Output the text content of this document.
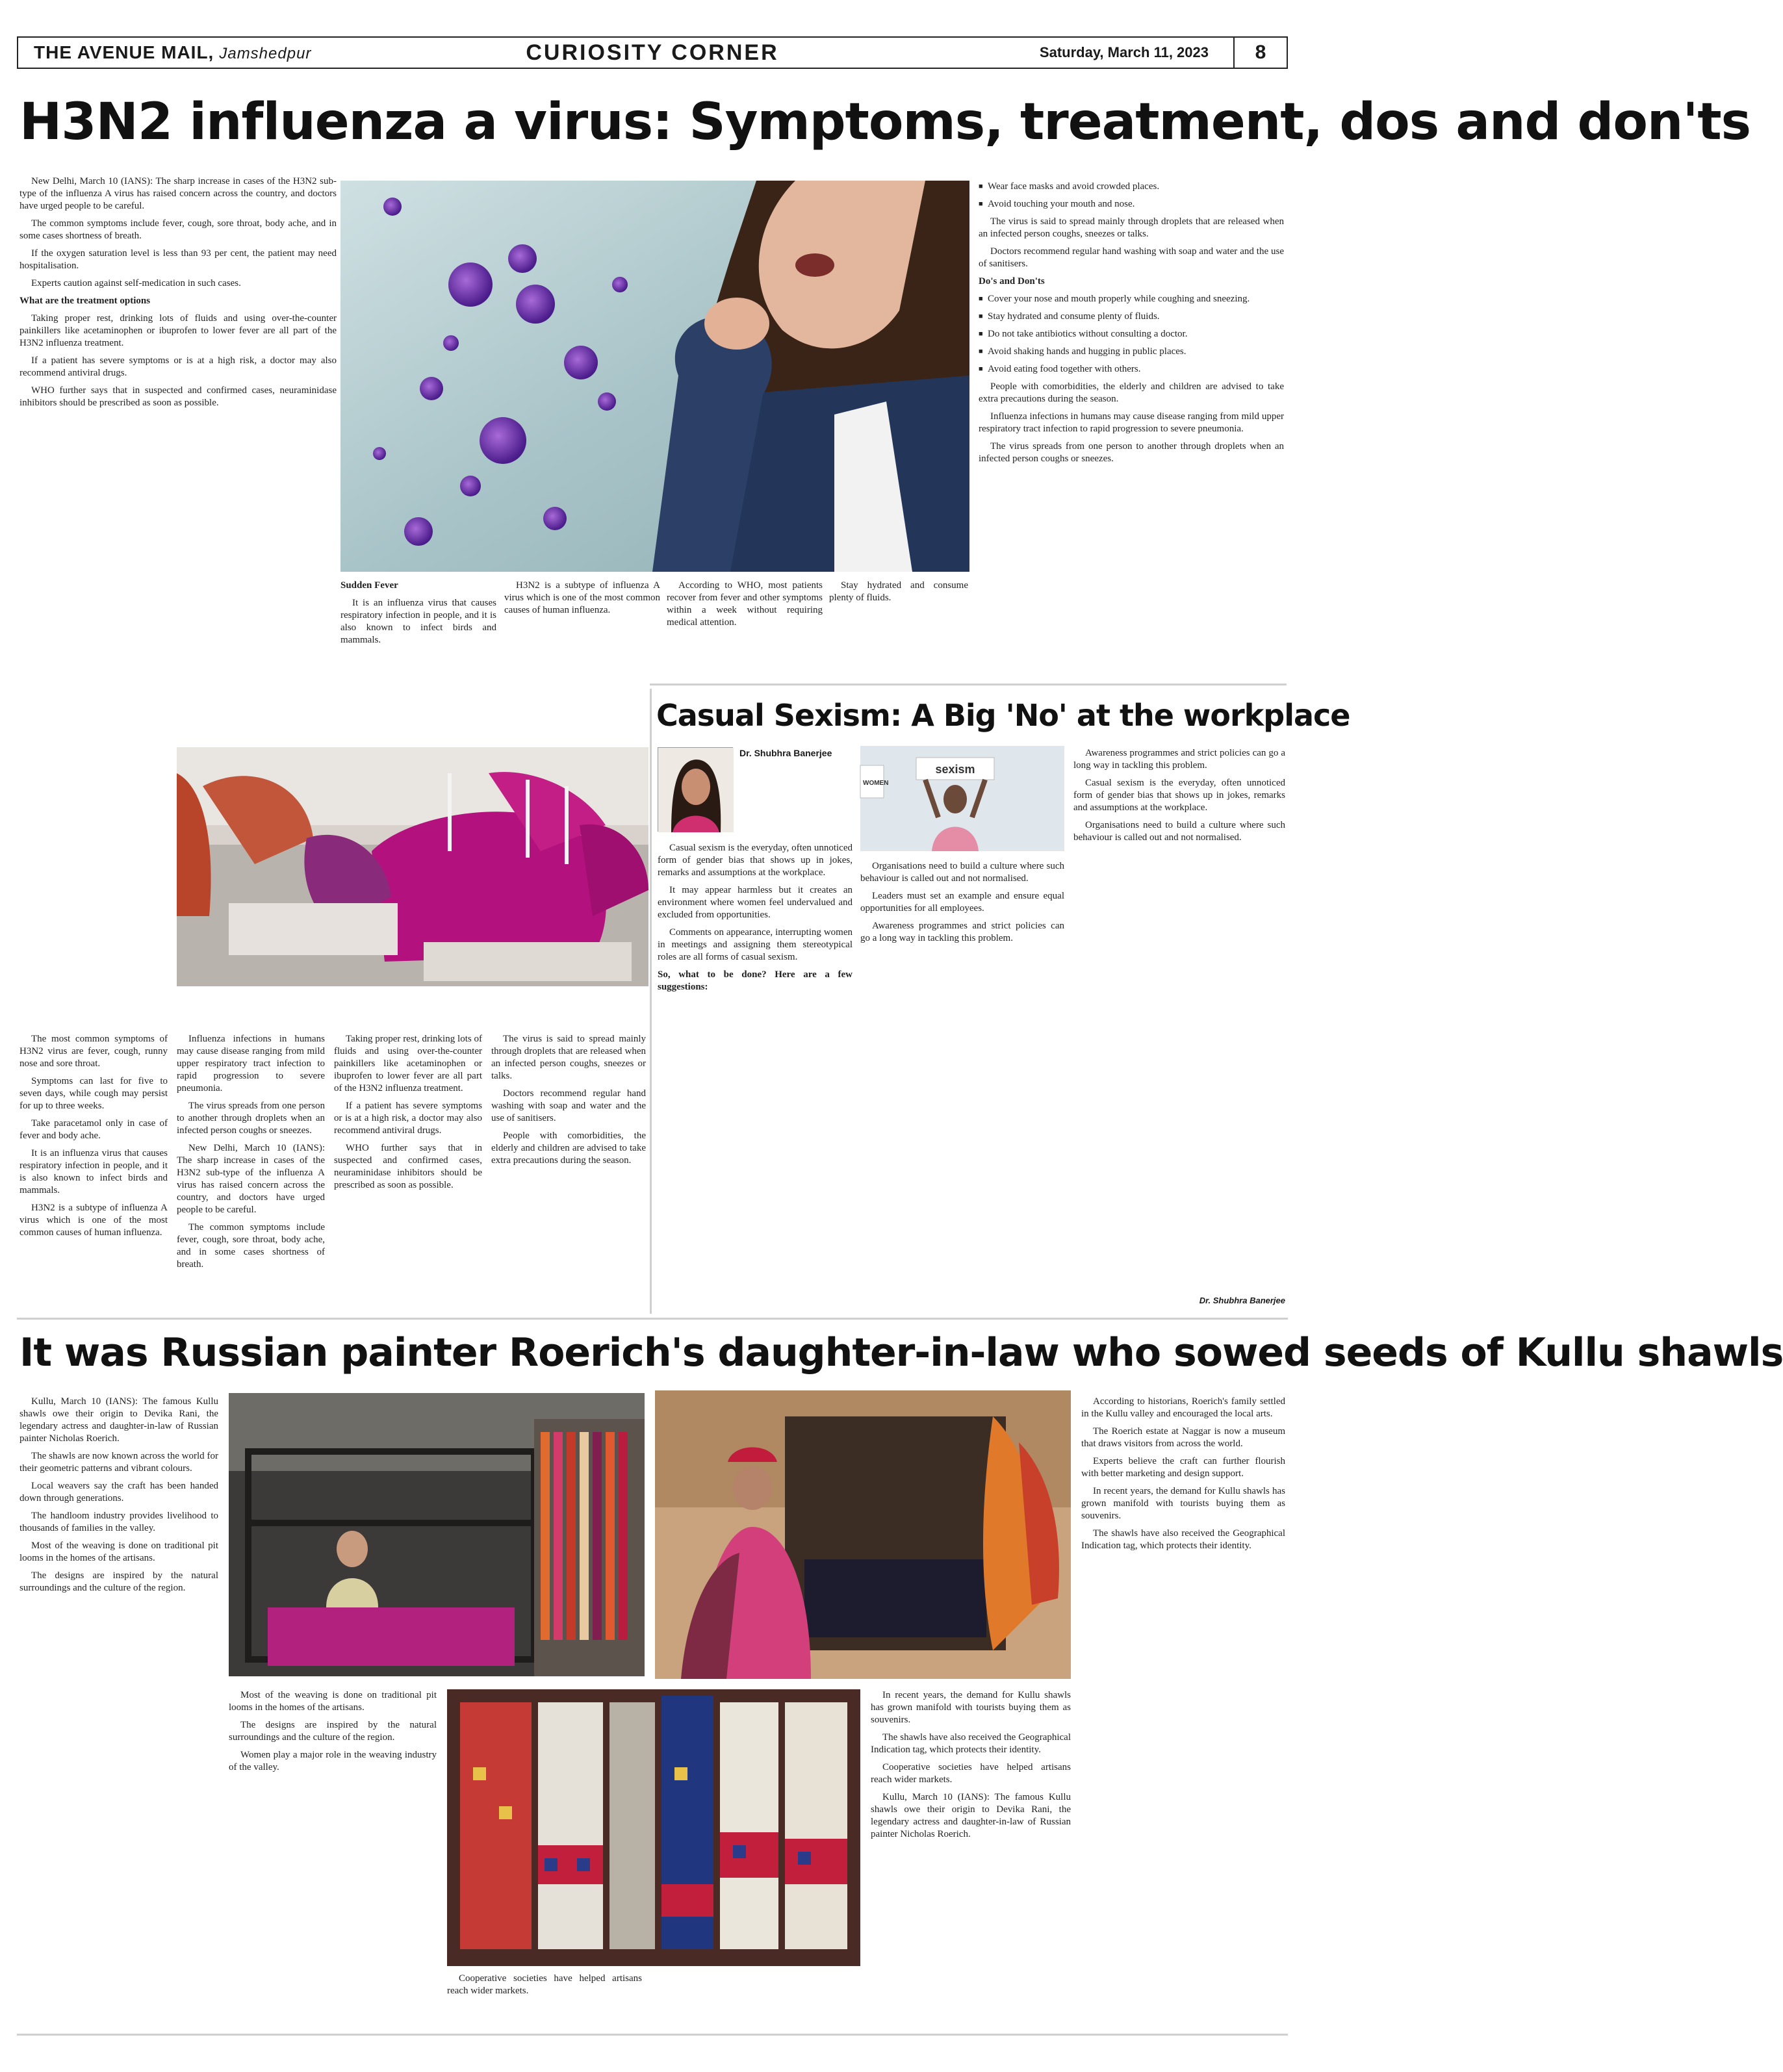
THE AVENUE MAIL, Jamshedpur	CURIOSITY CORNER	Saturday, March 11, 2023	8
H3N2 influenza a virus: Symptoms, treatment, dos and don'ts

New Delhi, March 10 (IANS): The sharp increase in cases of the H3N2 sub-type of the influenza A virus has raised concern across the country, and doctors have urged people to be careful.

The common symptoms include fever, cough, sore throat, body ache, and in some cases shortness of breath.

If the oxygen saturation level is less than 93 per cent, the patient may need hospitalisation.

Experts caution against self-medication in such cases.

What are the treatment options

Taking proper rest, drinking lots of fluids and using over-the-counter painkillers like acetaminophen or ibuprofen to lower fever are all part of the H3N2 influenza treatment.

If a patient has severe symptoms or is at a high risk, a doctor may also recommend antiviral drugs.

WHO further says that in suspected and confirmed cases, neuraminidase inhibitors should be prescribed as soon as possible.

Sudden Fever

It is an influenza virus that causes respiratory infection in people, and it is also known to infect birds and mammals.

H3N2 is a subtype of influenza A virus which is one of the most common causes of human influenza.

According to WHO, most patients recover from fever and other symptoms within a week without requiring medical attention.

Stay hydrated and consume plenty of fluids.

■ Wear face masks and avoid crowded places.

■ Avoid touching your mouth and nose.

The virus is said to spread mainly through droplets that are released when an infected person coughs, sneezes or talks.

Doctors recommend regular hand washing with soap and water and the use of sanitisers.

Do's and Don'ts

■ Cover your nose and mouth properly while coughing and sneezing.

■ Stay hydrated and consume plenty of fluids.

■ Do not take antibiotics without consulting a doctor.

■ Avoid shaking hands and hugging in public places.

■ Avoid eating food together with others.

People with comorbidities, the elderly and children are advised to take extra precautions during the season.

Influenza infections in humans may cause disease ranging from mild upper respiratory tract infection to rapid progression to severe pneumonia.

The virus spreads from one person to another through droplets when an infected person coughs or sneezes.

The most common symptoms of H3N2 virus are fever, cough, runny nose and sore throat.

Symptoms can last for five to seven days, while cough may persist for up to three weeks.

Take paracetamol only in case of fever and body ache.

It is an influenza virus that causes respiratory infection in people, and it is also known to infect birds and mammals.

H3N2 is a subtype of influenza A virus which is one of the most common causes of human influenza.

Influenza infections in humans may cause disease ranging from mild upper respiratory tract infection to rapid progression to severe pneumonia.

The virus spreads from one person to another through droplets when an infected person coughs or sneezes.

New Delhi, March 10 (IANS): The sharp increase in cases of the H3N2 sub-type of the influenza A virus has raised concern across the country, and doctors have urged people to be careful.

The common symptoms include fever, cough, sore throat, body ache, and in some cases shortness of breath.

Taking proper rest, drinking lots of fluids and using over-the-counter painkillers like acetaminophen or ibuprofen to lower fever are all part of the H3N2 influenza treatment.

If a patient has severe symptoms or is at a high risk, a doctor may also recommend antiviral drugs.

WHO further says that in suspected and confirmed cases, neuraminidase inhibitors should be prescribed as soon as possible.

The virus is said to spread mainly through droplets that are released when an infected person coughs, sneezes or talks.

Doctors recommend regular hand washing with soap and water and the use of sanitisers.

People with comorbidities, the elderly and children are advised to take extra precautions during the season.

Casual Sexism: A Big 'No' at the workplace
Dr. Shubhra Banerjee
sexism
WOMEN

Casual sexism is the everyday, often unnoticed form of gender bias that shows up in jokes, remarks and assumptions at the workplace.

It may appear harmless but it creates an environment where women feel undervalued and excluded from opportunities.

Comments on appearance, interrupting women in meetings and assigning them stereotypical roles are all forms of casual sexism.

So, what to be done? Here are a few suggestions:

Organisations need to build a culture where such behaviour is called out and not normalised.

Leaders must set an example and ensure equal opportunities for all employees.

Awareness programmes and strict policies can go a long way in tackling this problem.

Awareness programmes and strict policies can go a long way in tackling this problem.

Casual sexism is the everyday, often unnoticed form of gender bias that shows up in jokes, remarks and assumptions at the workplace.

Organisations need to build a culture where such behaviour is called out and not normalised.

Dr. Shubhra Banerjee
It was Russian painter Roerich's daughter-in-law who sowed seeds of Kullu shawls

Kullu, March 10 (IANS): The famous Kullu shawls owe their origin to Devika Rani, the legendary actress and daughter-in-law of Russian painter Nicholas Roerich.

The shawls are now known across the world for their geometric patterns and vibrant colours.

Local weavers say the craft has been handed down through generations.

The handloom industry provides livelihood to thousands of families in the valley.

Most of the weaving is done on traditional pit looms in the homes of the artisans.

The designs are inspired by the natural surroundings and the culture of the region.

According to historians, Roerich's family settled in the Kullu valley and encouraged the local arts.

The Roerich estate at Naggar is now a museum that draws visitors from across the world.

Experts believe the craft can further flourish with better marketing and design support.

In recent years, the demand for Kullu shawls has grown manifold with tourists buying them as souvenirs.

The shawls have also received the Geographical Indication tag, which protects their identity.

Most of the weaving is done on traditional pit looms in the homes of the artisans.

The designs are inspired by the natural surroundings and the culture of the region.

Women play a major role in the weaving industry of the valley.

Cooperative societies have helped artisans reach wider markets.

In recent years, the demand for Kullu shawls has grown manifold with tourists buying them as souvenirs.

The shawls have also received the Geographical Indication tag, which protects their identity.

Cooperative societies have helped artisans reach wider markets.

Kullu, March 10 (IANS): The famous Kullu shawls owe their origin to Devika Rani, the legendary actress and daughter-in-law of Russian painter Nicholas Roerich.
